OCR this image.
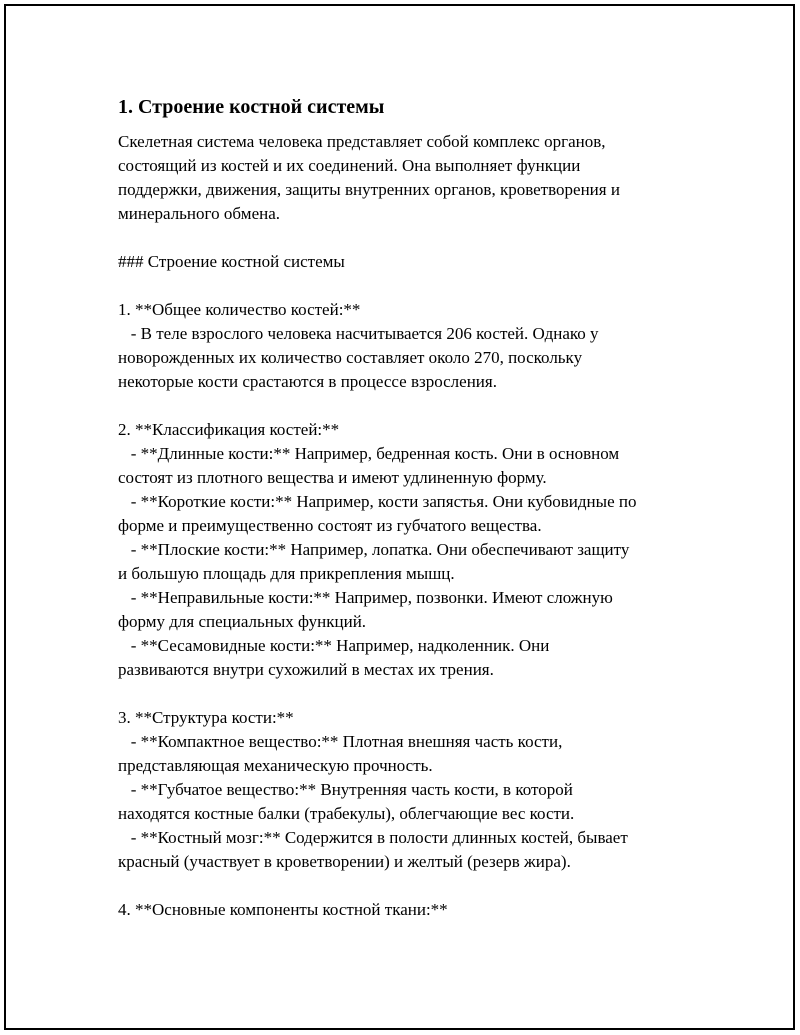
1. Строение костной системы
Скелетная система человека представляет собой комплекс органов,
состоящий из костей и их соединений. Она выполняет функции
поддержки, движения, защиты внутренних органов, кроветворения и
минерального обмена.
### Строение костной системы
1. **Общее количество костей:**
- В теле взрослого человека насчитывается 206 костей. Однако у
новорожденных их количество составляет около 270, поскольку
некоторые кости срастаются в процессе взросления.
2. **Классификация костей:**
- **Длинные кости:** Например, бедренная кость. Они в основном
состоят из плотного вещества и имеют удлиненную форму.
- **Короткие кости:** Например, кости запястья. Они кубовидные по
форме и преимущественно состоят из губчатого вещества.
- **Плоские кости:** Например, лопатка. Они обеспечивают защиту
и большую площадь для прикрепления мышц.
- **Неправильные кости:** Например, позвонки. Имеют сложную
форму для специальных функций.
- **Сесамовидные кости:** Например, надколенник. Они
развиваются внутри сухожилий в местах их трения.
3. **Структура кости:**
- **Компактное вещество:** Плотная внешняя часть кости,
представляющая механическую прочность.
- **Губчатое вещество:** Внутренняя часть кости, в которой
находятся костные балки (трабекулы), облегчающие вес кости.
- **Костный мозг:** Содержится в полости длинных костей, бывает
красный (участвует в кроветворении) и желтый (резерв жира).
4. **Основные компоненты костной ткани:**
